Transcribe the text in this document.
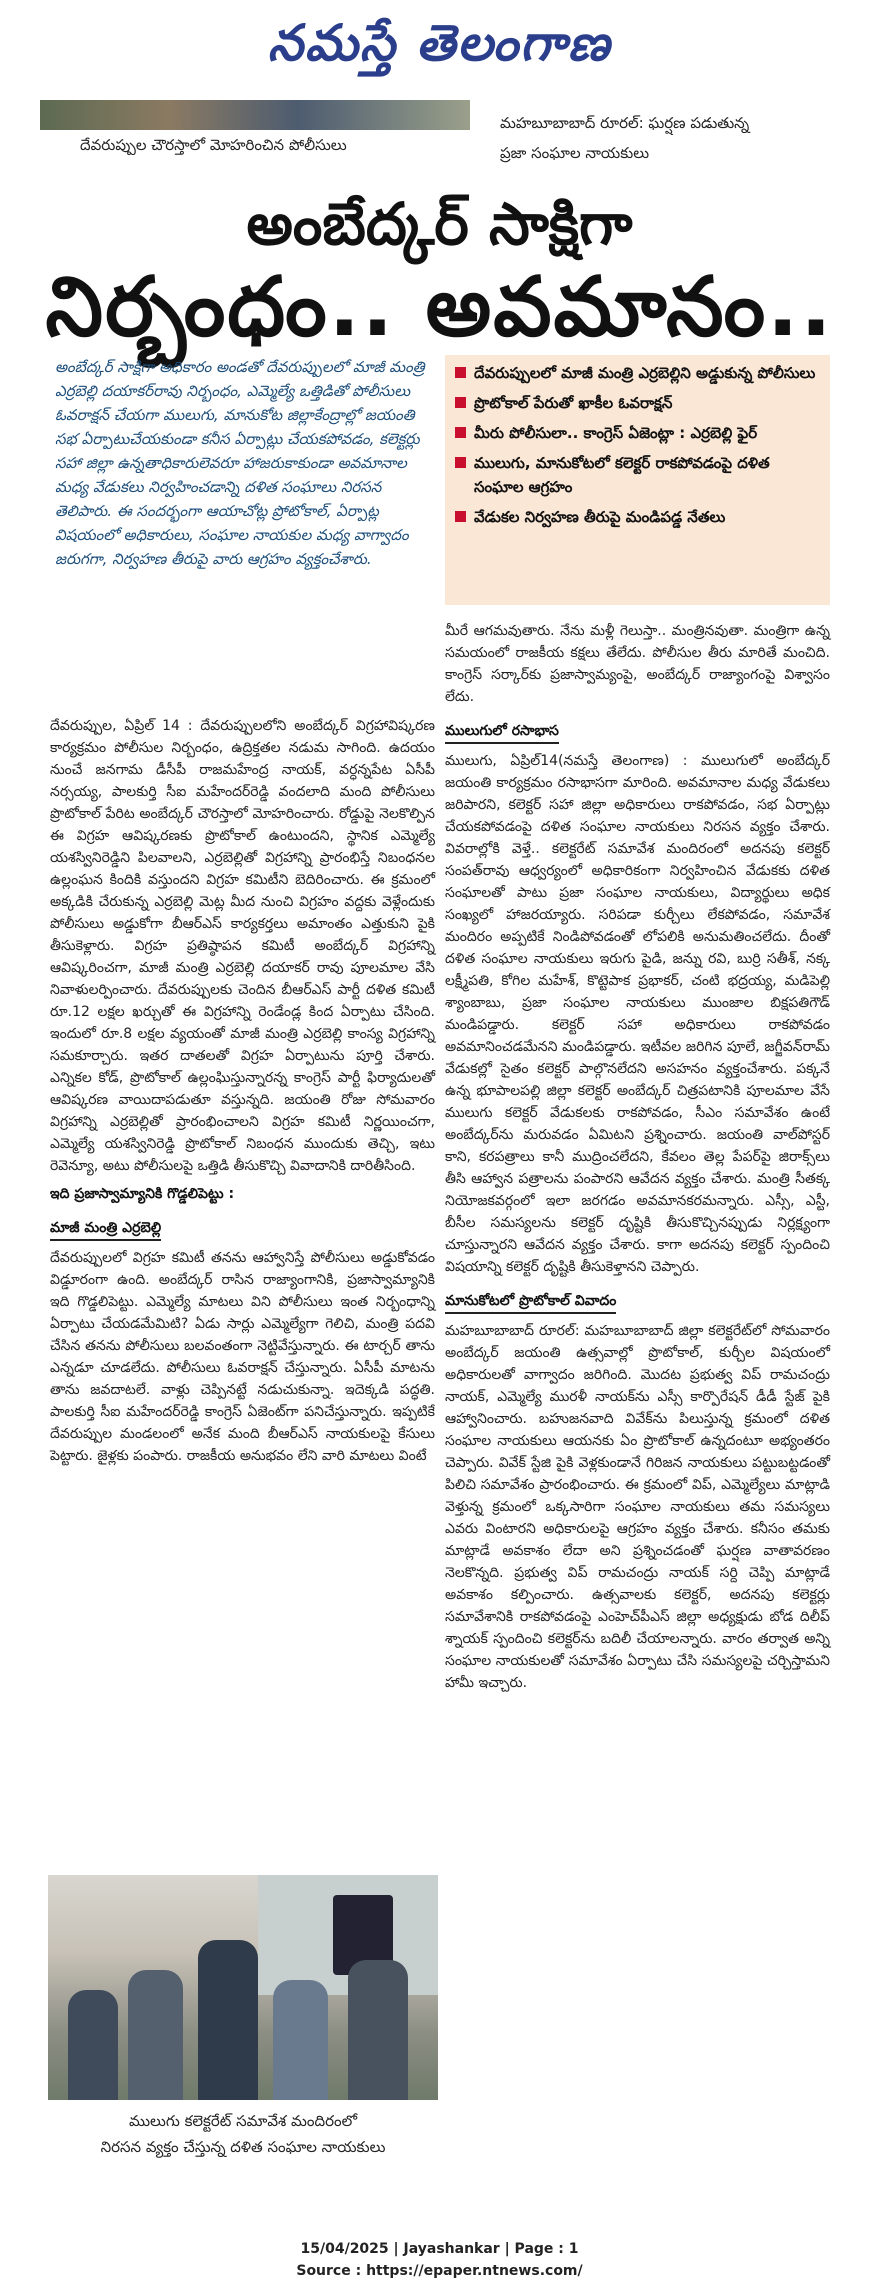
నమస్తే తెలంగాణ
దేవరుప్పుల చౌరస్తాలో మోహరించిన పోలీసులు
మహబూబాబాద్ రూరల్: ఘర్షణ పడుతున్న
ప్రజా సంఘాల నాయకులు
అంబేద్కర్ సాక్షిగా
నిర్బంధం.. అవమానం..
అంబేద్కర్ సాక్షిగా అధికారం అండతో దేవరుప్పులలో మాజీ మంత్రి ఎర్రబెల్లి దయాకర్‌రావు నిర్బంధం, ఎమ్మెల్యే ఒత్తిడితో పోలీసులు ఓవరాక్షన్ చేయగా ములుగు, మానుకోట జిల్లాకేంద్రాల్లో జయంతి సభ ఏర్పాటుచేయకుండా కనీస ఏర్పాట్లు చేయకపోవడం, కలెక్టర్లు సహా జిల్లా ఉన్నతాధికారులెవరూ హాజరుకాకుండా అవమానాల మధ్య వేడుకలు నిర్వహించడాన్ని దళిత సంఘాలు నిరసన తెలిపారు. ఈ సందర్భంగా ఆయాచోట్ల ప్రోటోకాల్, ఏర్పాట్ల విషయంలో అధికారులు, సంఘాల నాయకుల మధ్య వాగ్వాదం జరుగగా, నిర్వహణ తీరుపై వారు ఆగ్రహం వ్యక్తంచేశారు.
దేవరుప్పులలో మాజీ మంత్రి ఎర్రబెల్లిని అడ్డుకున్న పోలీసులు
ప్రొటోకాల్ పేరుతో ఖాకీల ఓవరాక్షన్
మీరు పోలీసులా.. కాంగ్రెస్ ఏజెంట్లా : ఎర్రబెల్లి ఫైర్
ములుగు, మానుకోటలో కలెక్టర్ రాకపోవడంపై దళిత సంఘాల ఆగ్రహం
వేడుకల నిర్వహణ తీరుపై మండిపడ్డ నేతలు

దేవరుప్పుల, ఏప్రిల్ 14 : దేవరుప్పులలోని అంబేద్కర్ విగ్రహావిష్కరణ కార్యక్రమం పోలీసుల నిర్బంధం, ఉద్రిక్తతల నడుమ సాగింది. ఉదయం నుంచే జనగామ డీసీపీ రాజమహేంద్ర నాయక్, వర్ధన్నపేట ఏసీపీ నర్సయ్య, పాలకుర్తి సీఐ మహేందర్‌రెడ్డి వందలాది మంది పోలీసులు ప్రొటోకాల్ పేరిట అంబేద్కర్ చౌరస్తాలో మోహరించారు. రోడ్డుపై నెలకొల్పిన ఈ విగ్రహ ఆవిష్కరణకు ప్రొటోకాల్ ఉంటుందని, స్థానిక ఎమ్మెల్యే యశస్వినిరెడ్డిని పిలవాలని, ఎర్రబెల్లితో విగ్రహాన్ని ప్రారంభిస్తే నిబంధనల ఉల్లంఘన కిందికి వస్తుందని విగ్రహ కమిటీని బెదిరించారు. ఈ క్రమంలో అక్కడికి చేరుకున్న ఎర్రబెల్లి మెట్ల మీద నుంచి విగ్రహం వద్దకు వెళ్లేందుకు పోలీసులు అడ్డుకోగా బీఆర్‌ఎస్ కార్యకర్తలు అమాంతం ఎత్తుకుని పైకి తీసుకెళ్లారు. విగ్రహ ప్రతిష్ఠాపన కమిటీ అంబేద్కర్ విగ్రహాన్ని ఆవిష్కరించగా, మాజీ మంత్రి ఎర్రబెల్లి దయాకర్ రావు పూలమాల వేసి నివాళులర్పించారు. దేవరుప్పులకు చెందిన బీఆర్‌ఎస్ పార్టీ దళిత కమిటీ రూ.12 లక్షల ఖర్చుతో ఈ విగ్రహాన్ని రెండేండ్ల కింద ఏర్పాటు చేసింది. ఇందులో రూ.8 లక్షల వ్యయంతో మాజీ మంత్రి ఎర్రబెల్లి కాంస్య విగ్రహాన్ని సమకూర్చారు. ఇతర దాతలతో విగ్రహ ఏర్పాటును పూర్తి చేశారు. ఎన్నికల కోడ్, ప్రొటోకాల్ ఉల్లంఘిస్తున్నారన్న కాంగ్రెస్ పార్టీ ఫిర్యాదులతో ఆవిష్కరణ వాయిదాపడుతూ వస్తున్నది. జయంతి రోజు సోమవారం విగ్రహాన్ని ఎర్రబెల్లితో ప్రారంభించాలని విగ్రహ కమిటీ నిర్ణయించగా, ఎమ్మెల్యే యశస్వినిరెడ్డి ప్రొటోకాల్ నిబంధన ముందుకు తెచ్చి, ఇటు రెవెన్యూ, అటు పోలీసులపై ఒత్తిడి తీసుకొచ్చి వివాదానికి దారితీసింది.

ఇది ప్రజాస్వామ్యానికి గొడ్డలిపెట్టు :
మాజీ మంత్రి ఎర్రబెల్లి

దేవరుప్పులలో విగ్రహ కమిటీ తనను ఆహ్వానిస్తే పోలీసులు అడ్డుకోవడం విడ్డూరంగా ఉంది. అంబేద్కర్ రాసిన రాజ్యాంగానికి, ప్రజాస్వామ్యానికి ఇది గొడ్డలిపెట్టు. ఎమ్మెల్యే మాటలు విని పోలీసులు ఇంత నిర్బంధాన్ని ఏర్పాటు చేయడమేమిటి? ఏడు సార్లు ఎమ్మెల్యేగా గెలిచి, మంత్రి పదవి చేసిన తనను పోలీసులు బలవంతంగా నెట్టివేస్తున్నారు. ఈ టార్చర్ తాను ఎన్నడూ చూడలేదు. పోలీసులు ఓవరాక్షన్ చేస్తున్నారు. ఏసీపీ మాటను తాను జవదాటలే. వాళ్లు చెప్పినట్టే నడుచుకున్నా. ఇదెక్కడి పద్ధతి. పాలకుర్తి సీఐ మహేందర్‌రెడ్డి కాంగ్రెస్ ఏజెంట్‌గా పనిచేస్తున్నారు. ఇప్పటికే దేవరుప్పుల మండలంలో అనేక మంది బీఆర్‌ఎస్ నాయకులపై కేసులు పెట్టారు. జైళ్లకు పంపారు. రాజకీయ అనుభవం లేని వారి మాటలు వింటే

మీరే ఆగమవుతారు. నేను మళ్లీ గెలుస్తా.. మంత్రినవుతా. మంత్రిగా ఉన్న సమయంలో రాజకీయ కక్షలు తేలేదు. పోలీసుల తీరు మారితే మంచిది. కాంగ్రెస్ సర్కార్‌కు ప్రజాస్వామ్యంపై, అంబేద్కర్ రాజ్యాంగంపై విశ్వాసం లేదు.

ములుగులో రసాభాస

ములుగు, ఏప్రిల్14(నమస్తే తెలంగాణ) : ములుగులో అంబేద్కర్ జయంతి కార్యక్రమం రసాభాసగా మారింది. అవమానాల మధ్య వేడుకలు జరిపారని, కలెక్టర్ సహా జిల్లా అధికారులు రాకపోవడం, సభ ఏర్పాట్లు చేయకపోవడంపై దళిత సంఘాల నాయకులు నిరసన వ్యక్తం చేశారు. వివరాల్లోకి వెళ్తే.. కలెక్టరేట్ సమావేశ మందిరంలో అదనపు కలెక్టర్ సంపత్‌రావు ఆధ్వర్యంలో అధికారికంగా నిర్వహించిన వేడుకకు దళిత సంఘాలతో పాటు ప్రజా సంఘాల నాయకులు, విద్యార్థులు అధిక సంఖ్యలో హాజరయ్యారు. సరిపడా కుర్చీలు లేకపోవడం, సమావేశ మందిరం అప్పటికే నిండిపోవడంతో లోపలికి అనుమతించలేదు. దీంతో దళిత సంఘాల నాయకులు ఇరుగు పైడి, జన్ను రవి, బుర్రి సతీశ్, నక్క లక్ష్మీపతి, కోగిల మహేశ్, కొట్టెపాక ప్రభాకర్, చంటి భద్రయ్య, మడిపెల్లి శ్యాంబాబు, ప్రజా సంఘాల నాయకులు ముంజాల బిక్షపతిగౌడ్ మండిపడ్డారు. కలెక్టర్ సహా అధికారులు రాకపోవడం అవమానించడమేనని మండిపడ్డారు. ఇటీవల జరిగిన పూలే, జగ్జీవన్‌రామ్ వేడుకల్లో సైతం కలెక్టర్ పాల్గొనలేదని అసహనం వ్యక్తంచేశారు. పక్కనే ఉన్న భూపాలపల్లి జిల్లా కలెక్టర్ అంబేద్కర్ చిత్రపటానికి పూలమాల వేసే ములుగు కలెక్టర్ వేడుకలకు రాకపోవడం, సీఎం సమావేశం ఉంటే అంబేద్కర్‌ను మరువడం ఏమిటని ప్రశ్నించారు. జయంతి వాల్‌పోస్టర్ కాని, కరపత్రాలు కానీ ముద్రించలేదని, కేవలం తెల్ల పేపర్‌పై జిరాక్స్‌లు తీసి ఆహ్వాన పత్రాలను పంపారని ఆవేదన వ్యక్తం చేశారు. మంత్రి సీతక్క నియోజకవర్గంలో ఇలా జరగడం అవమానకరమన్నారు. ఎస్సీ, ఎస్టీ, బీసీల సమస్యలను కలెక్టర్ దృష్టికి తీసుకొచ్చినప్పుడు నిర్లక్ష్యంగా చూస్తున్నారని ఆవేదన వ్యక్తం చేశారు. కాగా అదనపు కలెక్టర్ స్పందించి విషయాన్ని కలెక్టర్ దృష్టికి తీసుకెళ్తానని చెప్పారు.

మానుకోటలో ప్రొటోకాల్ వివాదం

మహబూబాబాద్ రూరల్: మహబూబాబాద్ జిల్లా కలెక్టరేట్‌లో సోమవారం అంబేద్కర్ జయంతి ఉత్సవాల్లో ప్రొటోకాల్, కుర్చీల విషయంలో అధికారులతో వాగ్వాదం జరిగింది. మొదట ప్రభుత్వ విప్ రామచంద్రు నాయక్, ఎమ్మెల్యే మురళీ నాయక్‌ను ఎస్సీ కార్పొరేషన్ డీడీ స్టేజ్ పైకి ఆహ్వానించారు. బహుజనవాది వివేక్‌ను పిలుస్తున్న క్రమంలో దళిత సంఘాల నాయకులు ఆయనకు ఏం ప్రొటోకాల్ ఉన్నదంటూ అభ్యంతరం చెప్పారు. వివేక్ స్టేజి పైకి వెళ్లకుండానే గిరిజన నాయకులు పట్టుబట్టడంతో పిలిచి సమావేశం ప్రారంభించారు. ఈ క్రమంలో విప్, ఎమ్మెల్యేలు మాట్లాడి వెళ్తున్న క్రమంలో ఒక్కసారిగా సంఘాల నాయకులు తమ సమస్యలు ఎవరు వింటారని అధికారులపై ఆగ్రహం వ్యక్తం చేశారు. కనీసం తమకు మాట్లాడే అవకాశం లేదా అని ప్రశ్నించడంతో ఘర్షణ వాతావరణం నెలకొన్నది. ప్రభుత్వ విప్ రామచంద్రు నాయక్ సర్ది చెప్పి మాట్లాడే అవకాశం కల్పించారు. ఉత్సవాలకు కలెక్టర్, అదనపు కలెక్టర్లు సమావేశానికి రాకపోవడంపై ఎంహెచ్‌పీఎస్ జిల్లా అధ్యక్షుడు బోడ దిలీప్ శ్నాయక్ స్పందించి కలెక్టర్‌ను బదిలీ చేయాలన్నారు. వారం తర్వాత అన్ని సంఘాల నాయకులతో సమావేశం ఏర్పాటు చేసి సమస్యలపై చర్చిస్తామని హామీ ఇచ్చారు.

ములుగు కలెక్టరేట్ సమావేశ మందిరంలో
నిరసన వ్యక్తం చేస్తున్న దళిత సంఘాల నాయకులు
15/04/2025 | Jayashankar | Page : 1
Source : https://epaper.ntnews.com/
